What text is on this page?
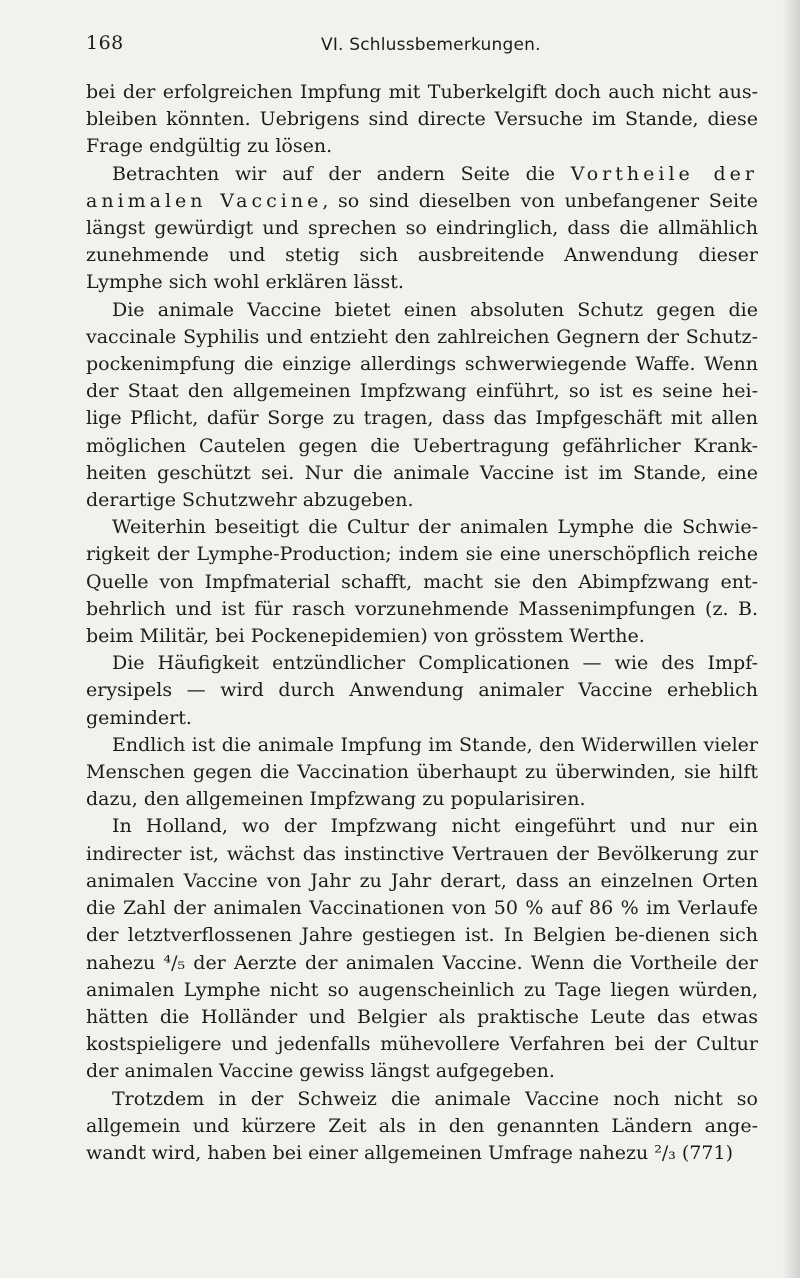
168	VI. Schlussbemerkungen.

bei der erfolgreichen Impfung mit Tuberkelgift doch auch nicht aus-bleiben könnten. Uebrigens sind directe Versuche im Stande, diese Frage endgültig zu lösen.

Betrachten wir auf der andern Seite die Vortheile der animalen Vaccine, so sind dieselben von unbefangener Seite längst gewürdigt und sprechen so eindringlich, dass die allmählich zunehmende und stetig sich ausbreitende Anwendung dieser Lymphe sich wohl erklären lässt.

Die animale Vaccine bietet einen absoluten Schutz gegen die vaccinale Syphilis und entzieht den zahlreichen Gegnern der Schutz-pockenimpfung die einzige allerdings schwerwiegende Waffe. Wenn der Staat den allgemeinen Impfzwang einführt, so ist es seine hei-lige Pflicht, dafür Sorge zu tragen, dass das Impfgeschäft mit allen möglichen Cautelen gegen die Uebertragung gefährlicher Krank-heiten geschützt sei. Nur die animale Vaccine ist im Stande, eine derartige Schutzwehr abzugeben.

Weiterhin beseitigt die Cultur der animalen Lymphe die Schwie-rigkeit der Lymphe-Production; indem sie eine unerschöpflich reiche Quelle von Impfmaterial schafft, macht sie den Abimpfzwang ent-behrlich und ist für rasch vorzunehmende Massenimpfungen (z. B. beim Militär, bei Pockenepidemien) von grösstem Werthe.

Die Häufigkeit entzündlicher Complicationen — wie des Impf-erysipels — wird durch Anwendung animaler Vaccine erheblich gemindert.

Endlich ist die animale Impfung im Stande, den Widerwillen vieler Menschen gegen die Vaccination überhaupt zu überwinden, sie hilft dazu, den allgemeinen Impfzwang zu popularisiren.

In Holland, wo der Impfzwang nicht eingeführt und nur ein indirecter ist, wächst das instinctive Vertrauen der Bevölkerung zur animalen Vaccine von Jahr zu Jahr derart, dass an einzelnen Orten die Zahl der animalen Vaccinationen von 50 % auf 86 % im Verlaufe der letztverflossenen Jahre gestiegen ist. In Belgien be-dienen sich nahezu ⁴/₅ der Aerzte der animalen Vaccine. Wenn die Vortheile der animalen Lymphe nicht so augenscheinlich zu Tage liegen würden, hätten die Holländer und Belgier als praktische Leute das etwas kostspieligere und jedenfalls mühevollere Verfahren bei der Cultur der animalen Vaccine gewiss längst aufgegeben.

Trotzdem in der Schweiz die animale Vaccine noch nicht so allgemein und kürzere Zeit als in den genannten Ländern ange-wandt wird, haben bei einer allgemeinen Umfrage nahezu ²/₃ (771)
